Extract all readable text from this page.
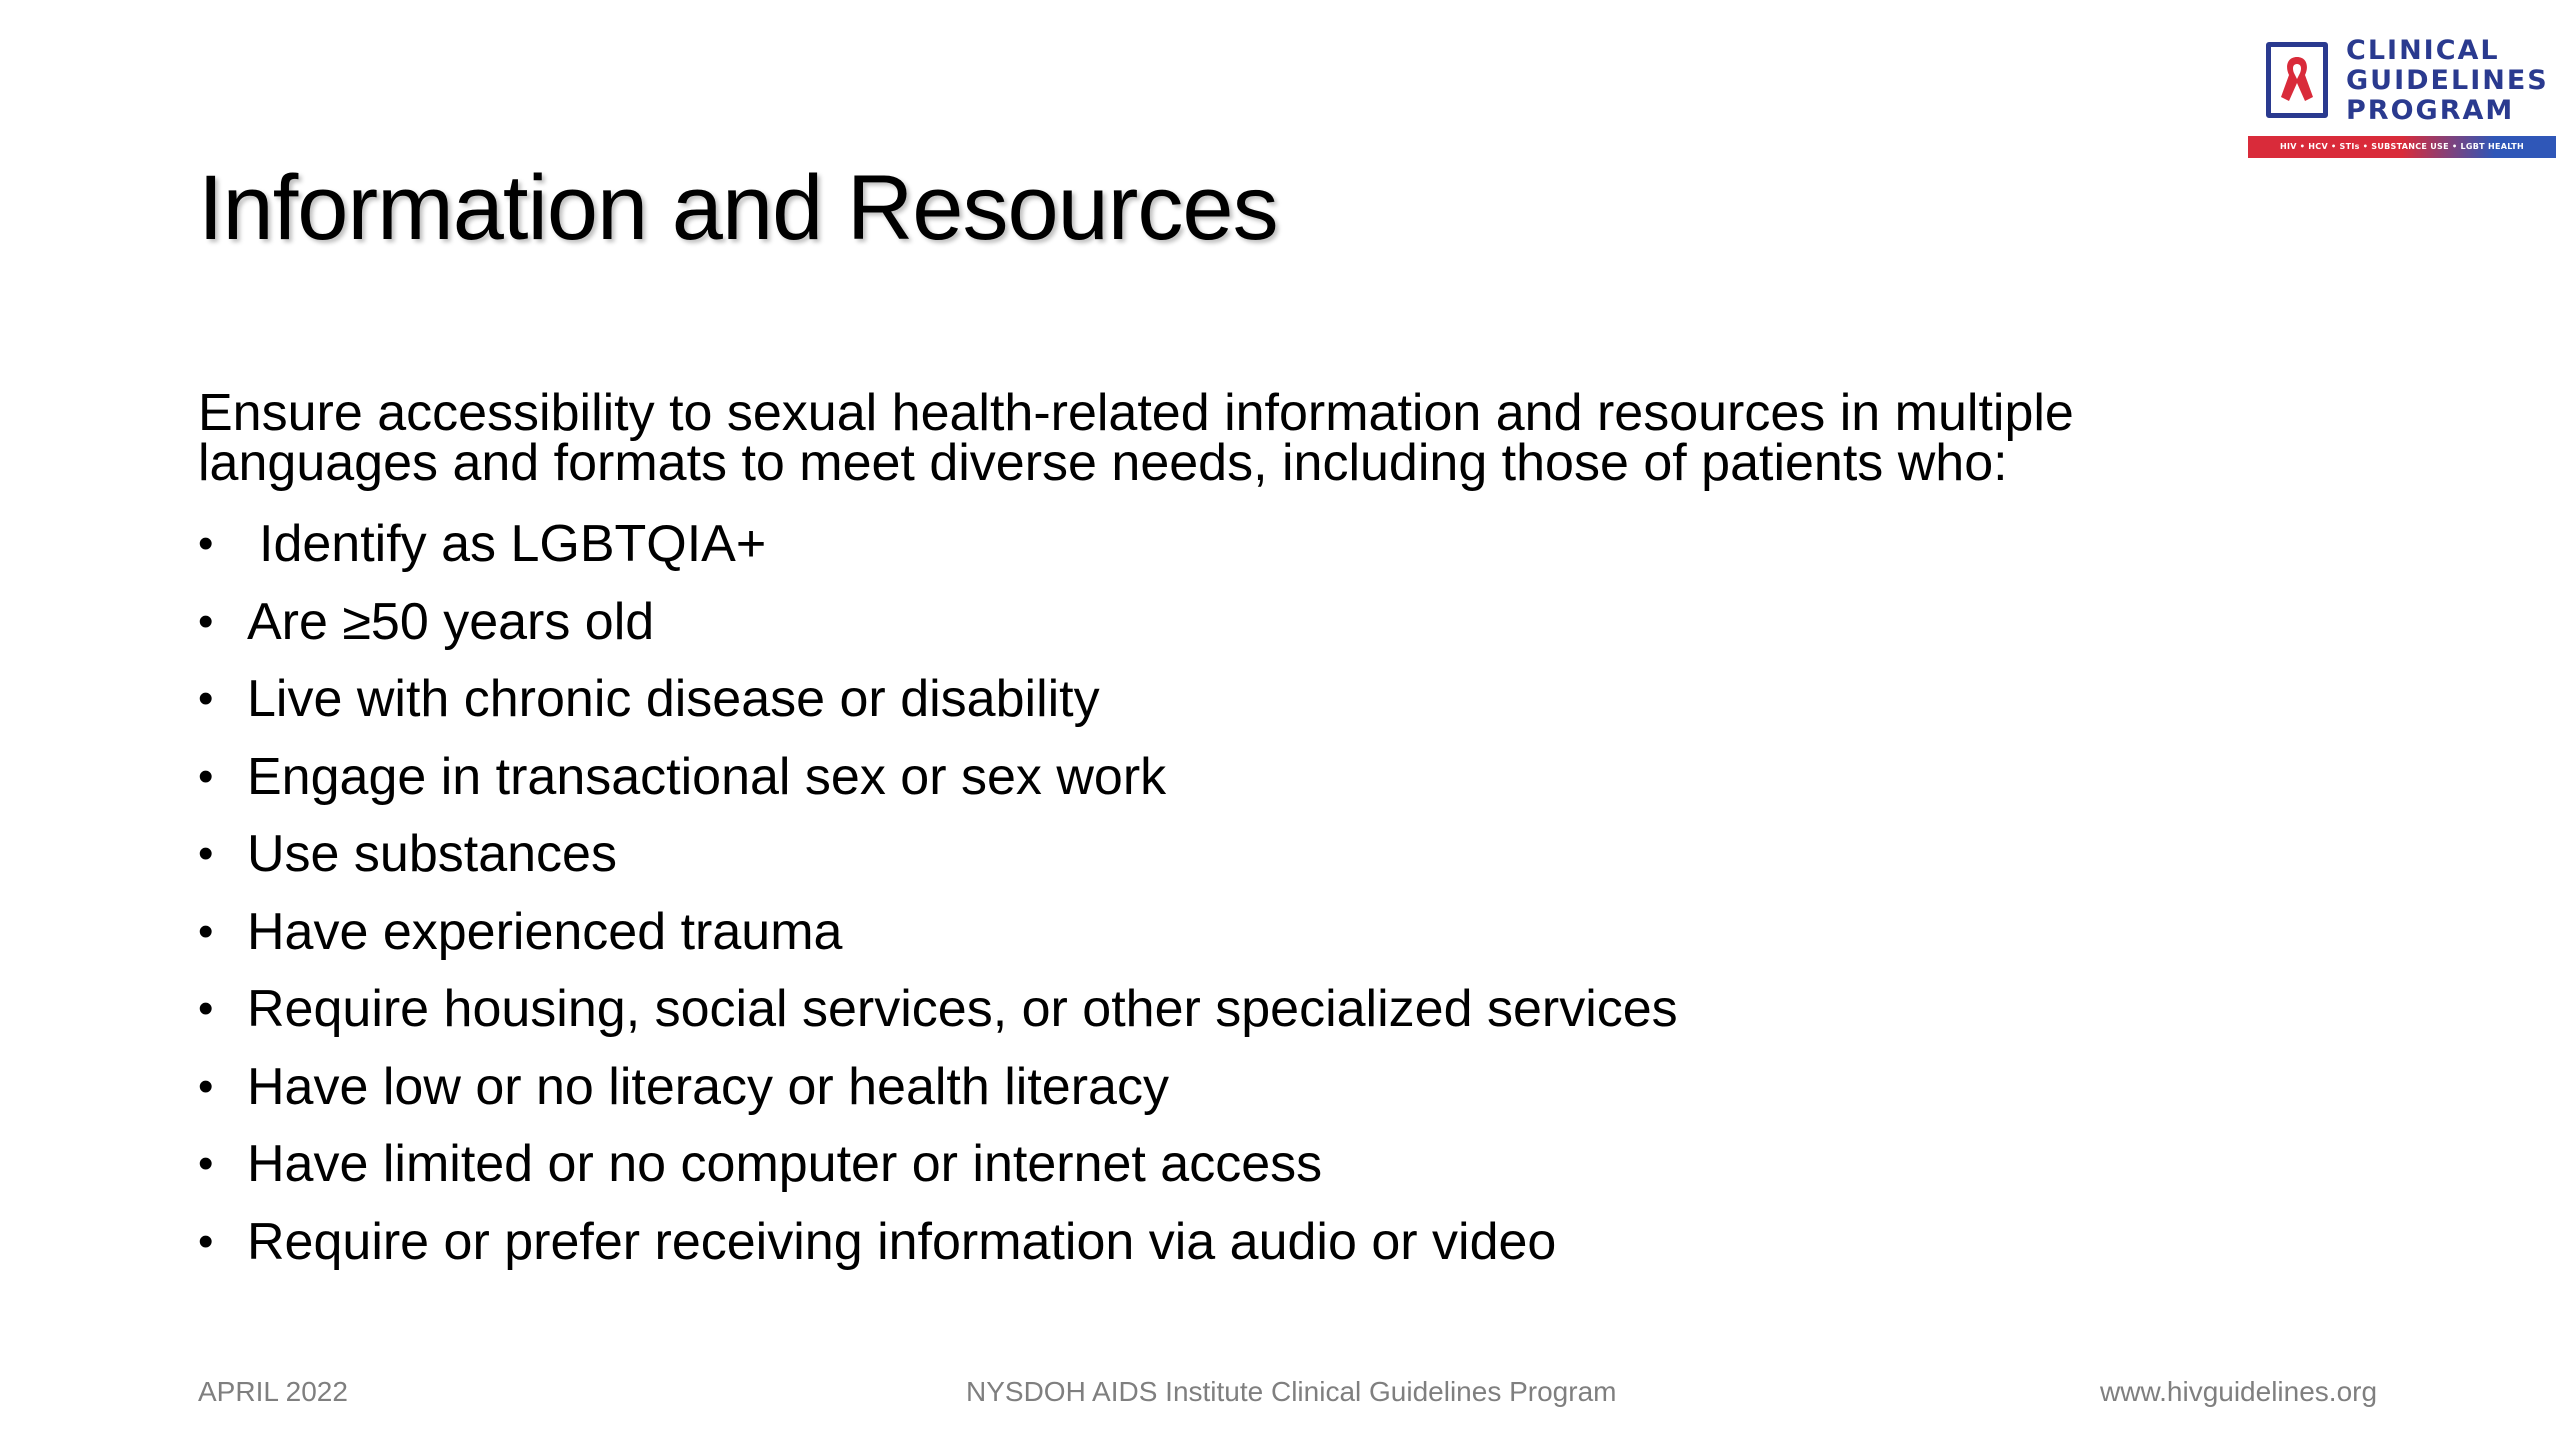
CLINICAL
GUIDELINES
PROGRAM
HIV • HCV • STIs • SUBSTANCE USE • LGBT HEALTH
Information and Resources

Ensure accessibility to sexual health-related information and resources in multiple languages and formats to meet diverse needs, including those of patients who:

• Identify as LGBTQIA+
• Are ≥50 years old
• Live with chronic disease or disability
• Engage in transactional sex or sex work
• Use substances
• Have experienced trauma
• Require housing, social services, or other specialized services
• Have low or no literacy or health literacy
• Have limited or no computer or internet access
• Require or prefer receiving information via audio or video
APRIL 2022	NYSDOH AIDS Institute Clinical Guidelines Program	www.hivguidelines.org
